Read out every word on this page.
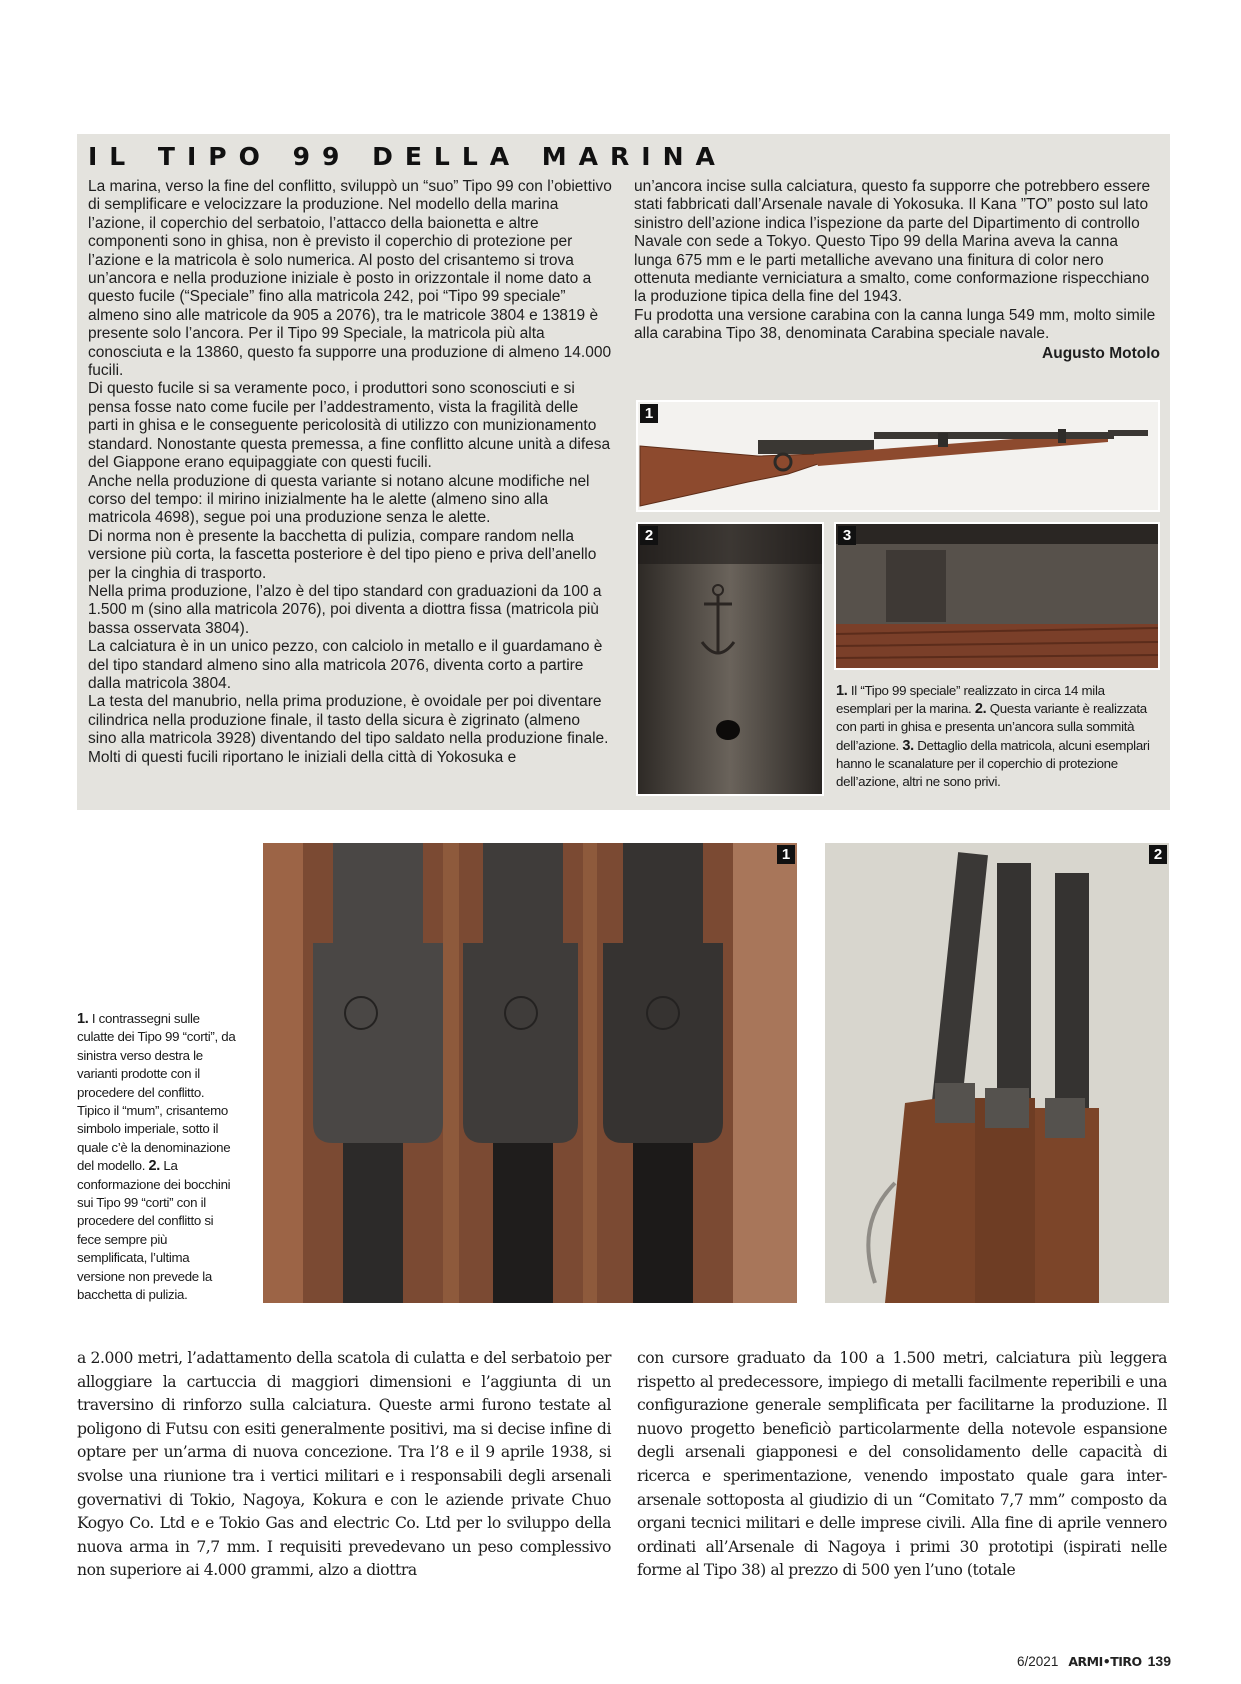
IL TIPO 99 DELLA MARINA

La marina, verso la fine del conflitto, sviluppò un “suo” Tipo 99 con l’obiettivo di semplificare e velocizzare la produzione. Nel modello della marina l’azione, il coperchio del serbatoio, l’attacco della baionetta e altre componenti sono in ghisa, non è previsto il coperchio di protezione per l’azione e la matricola è solo numerica. Al posto del crisantemo si trova un’ancora e nella produzione iniziale è posto in orizzontale il nome dato a questo fucile (“Speciale” fino alla matricola 242, poi “Tipo 99 speciale” almeno sino alle matricole da 905 a 2076), tra le matricole 3804 e 13819 è presente solo l’ancora. Per il Tipo 99 Speciale, la matricola più alta conosciuta e la 13860, questo fa supporre una produzione di almeno 14.000 fucili.

Di questo fucile si sa veramente poco, i produttori sono sconosciuti e si pensa fosse nato come fucile per l’addestramento, vista la fragilità delle parti in ghisa e le conseguente pericolosità di utilizzo con munizionamento standard. Nonostante questa premessa, a fine conflitto alcune unità a difesa del Giappone erano equipaggiate con questi fucili.

Anche nella produzione di questa variante si notano alcune modifiche nel corso del tempo: il mirino inizialmente ha le alette (almeno sino alla matricola 4698), segue poi una produzione senza le alette.

Di norma non è presente la bacchetta di pulizia, compare random nella versione più corta, la fascetta posteriore è del tipo pieno e priva dell’anello per la cinghia di trasporto.

Nella prima produzione, l’alzo è del tipo standard con graduazioni da 100 a 1.500 m (sino alla matricola 2076), poi diventa a diottra fissa (matricola più bassa osservata 3804).

La calciatura è in un unico pezzo, con calciolo in metallo e il guardamano è del tipo standard almeno sino alla matricola 2076, diventa corto a partire dalla matricola 3804.

La testa del manubrio, nella prima produzione, è ovoidale per poi diventare cilindrica nella produzione finale, il tasto della sicura è zigrinato (almeno sino alla matricola 3928) diventando del tipo saldato nella produzione finale.

Molti di questi fucili riportano le iniziali della città di Yokosuka e

un’ancora incise sulla calciatura, questo fa supporre che potrebbero essere stati fabbricati dall’Arsenale navale di Yokosuka. Il Kana ”TO” posto sul lato sinistro dell’azione indica l’ispezione da parte del Dipartimento di controllo Navale con sede a Tokyo. Questo Tipo 99 della Marina aveva la canna lunga 675 mm e le parti metalliche avevano una finitura di color nero ottenuta mediante verniciatura a smalto, come conformazione rispecchiano la produzione tipica della fine del 1943.

Fu prodotta una versione carabina con la canna lunga 549 mm, molto simile alla carabina Tipo 38, denominata Carabina speciale navale.

Augusto Motolo

1
2	3
1. Il “Tipo 99 speciale” realizzato in circa 14 mila esemplari per la marina. 2. Questa variante è realizzata con parti in ghisa e presenta un’ancora sulla sommità dell’azione. 3. Dettaglio della matricola, alcuni esemplari hanno le scanalature per il coperchio di protezione dell’azione, altri ne sono privi.
1	2
1. I contrassegni sulle culatte dei Tipo 99 “corti”, da sinistra verso destra le varianti prodotte con il procedere del conflitto. Tipico il “mum”, crisantemo simbolo imperiale, sotto il quale c’è la denominazione del modello. 2. La conformazione dei bocchini sui Tipo 99 “corti” con il procedere del conflitto si fece sempre più semplificata, l’ultima versione non prevede la bacchetta di pulizia.
a 2.000 metri, l’adattamento della scatola di culatta e del serbatoio per alloggiare la cartuccia di maggiori dimensioni e l’aggiunta di un traversino di rinforzo sulla calciatura. Queste armi furono testate al poligono di Futsu con esiti generalmente positivi, ma si decise infine di optare per un’arma di nuova concezione. Tra l’8 e il 9 aprile 1938, si svolse una riunione tra i vertici militari e i responsabili degli arsenali governativi di Tokio, Nagoya, Kokura e con le aziende private Chuo Kogyo Co. Ltd e e Tokio Gas and electric Co. Ltd per lo sviluppo della nuova arma in 7,7 mm. I requisiti prevedevano un peso complessivo non superiore ai 4.000 grammi, alzo a diottra
con cursore graduato da 100 a 1.500 metri, calciatura più leggera rispetto al predecessore, impiego di metalli facilmente reperibili e una configurazione generale semplificata per facilitarne la produzione. Il nuovo progetto beneficiò particolarmente della notevole espansione degli arsenali giapponesi e del consolidamento delle capacità di ricerca e sperimentazione, venendo impostato quale gara inter-arsenale sottoposta al giudizio di un “Comitato 7,7 mm” composto da organi tecnici militari e delle imprese civili. Alla fine di aprile vennero ordinati all’Arsenale di Nagoya i primi 30 prototipi (ispirati nelle forme al Tipo 38) al prezzo di 500 yen l’uno (totale
6/2021 ARMI•TIRO 139
